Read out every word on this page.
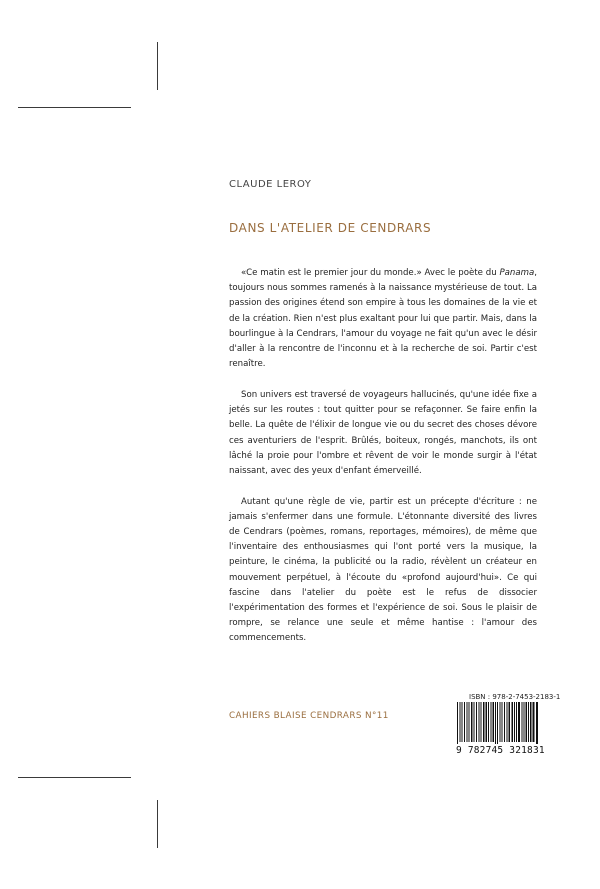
CLAUDE LEROY
DANS L'ATELIER DE CENDRARS

«Ce matin est le premier jour du monde.» Avec le poète du Panama, toujours nous sommes ramenés à la naissance mystérieuse de tout. La passion des origines étend son empire à tous les domaines de la vie et de la création. Rien n'est plus exaltant pour lui que partir. Mais, dans la bourlingue à la Cendrars, l'amour du voyage ne fait qu'un avec le désir d'aller à la rencontre de l'inconnu et à la recherche de soi. Partir c'est renaître.

Son univers est traversé de voyageurs hallucinés, qu'une idée fixe a jetés sur les routes : tout quitter pour se refaçonner. Se faire enfin la belle. La quête de l'élixir de longue vie ou du secret des choses dévore ces aventuriers de l'esprit. Brûlés, boiteux, rongés, manchots, ils ont lâché la proie pour l'ombre et rêvent de voir le monde surgir à l'état naissant, avec des yeux d'enfant émerveillé.

Autant qu'une règle de vie, partir est un précepte d'écriture : ne jamais s'enfermer dans une formule. L'étonnante diversité des livres de Cendrars (poèmes, romans, reportages, mémoires), de même que l'inventaire des enthousiasmes qui l'ont porté vers la musique, la peinture, le cinéma, la publicité ou la radio, révèlent un créateur en mouvement perpétuel, à l'écoute du «profond aujourd'hui». Ce qui fascine dans l'atelier du poète est le refus de dissocier l'expérimentation des formes et l'expérience de soi. Sous le plaisir de rompre, se relance une seule et même hantise : l'amour des commencements.

CAHIERS BLAISE CENDRARS N°11
ISBN : 978-2-7453-2183-1
9 782745 321831
